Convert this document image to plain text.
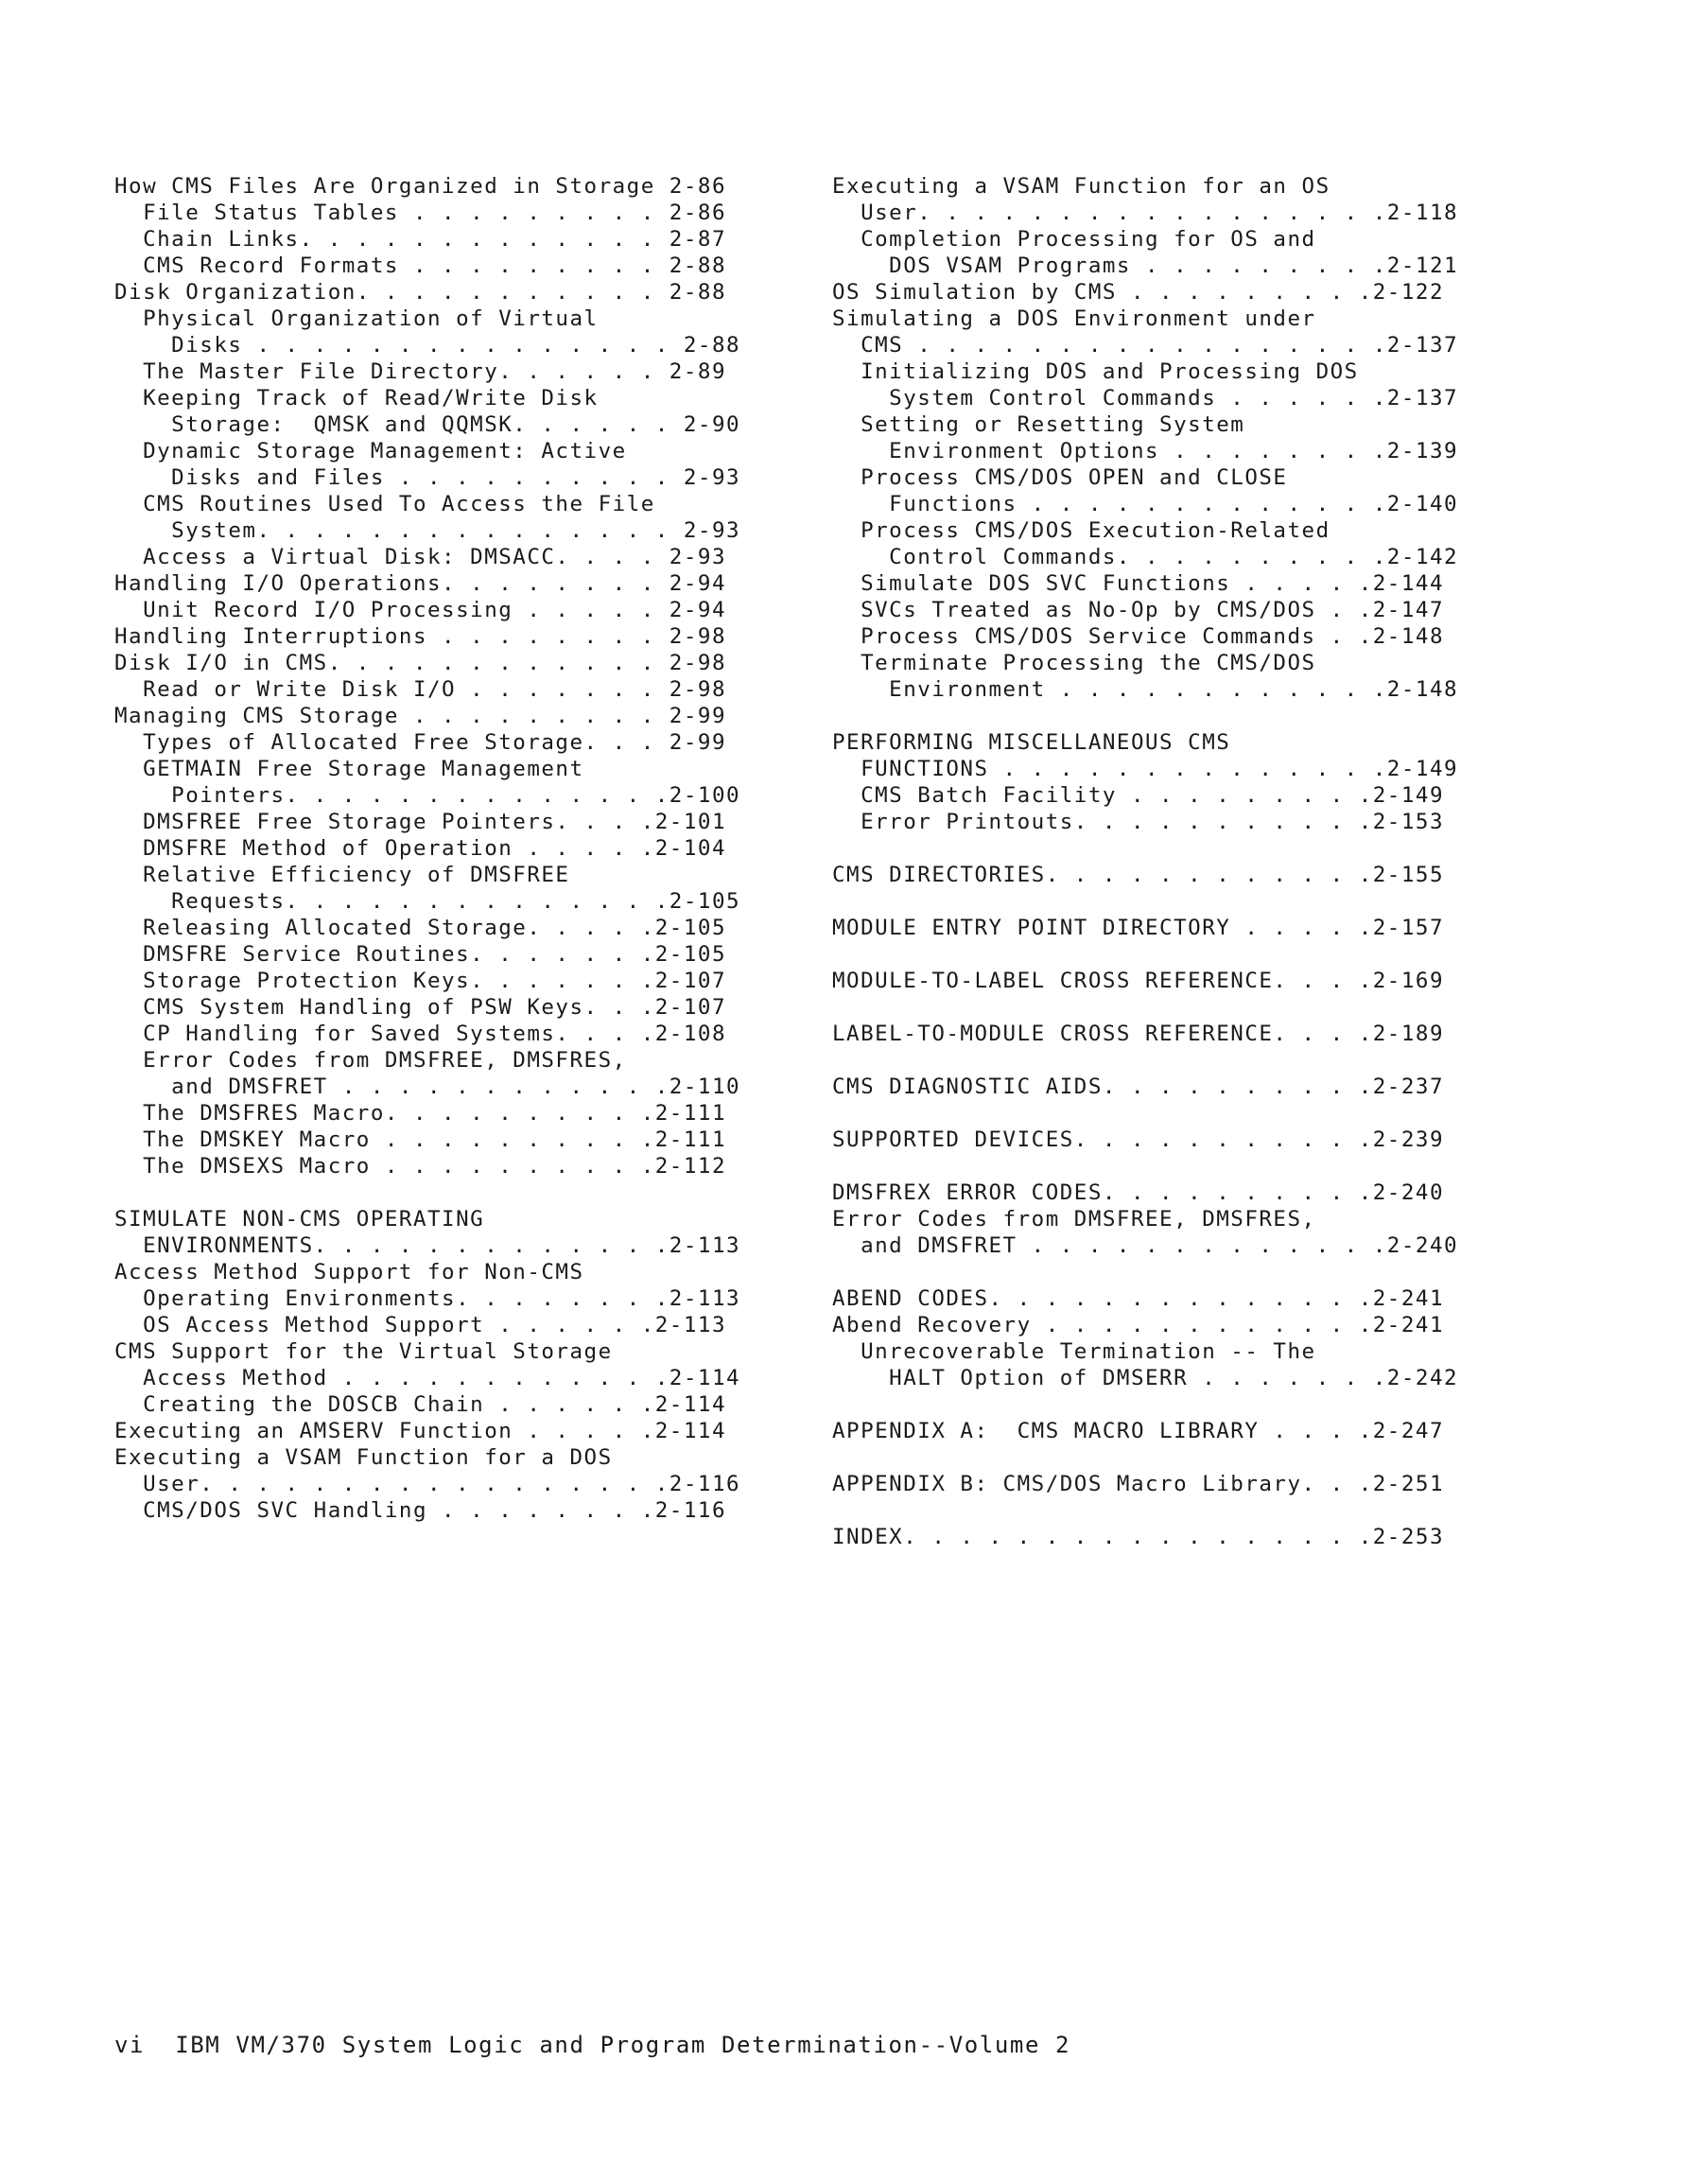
How CMS Files Are Organized in Storage 2-86
File Status Tables . . . . . . . . . 2-86
Chain Links. . . . . . . . . . . . . 2-87
CMS Record Formats . . . . . . . . . 2-88
Disk Organization. . . . . . . . . . . 2-88
Physical Organization of Virtual
Disks . . . . . . . . . . . . . . . 2-88
The Master File Directory. . . . . . 2-89
Keeping Track of Read/Write Disk
Storage:  QMSK and QQMSK. . . . . . 2-90
Dynamic Storage Management: Active
Disks and Files . . . . . . . . . . 2-93
CMS Routines Used To Access the File
System. . . . . . . . . . . . . . . 2-93
Access a Virtual Disk: DMSACC. . . . 2-93
Handling I/O Operations. . . . . . . . 2-94
Unit Record I/O Processing . . . . . 2-94
Handling Interruptions . . . . . . . . 2-98
Disk I/O in CMS. . . . . . . . . . . . 2-98
Read or Write Disk I/O . . . . . . . 2-98
Managing CMS Storage . . . . . . . . . 2-99
Types of Allocated Free Storage. . . 2-99
GETMAIN Free Storage Management
Pointers. . . . . . . . . . . . . .2-100
DMSFREE Free Storage Pointers. . . .2-101
DMSFRE Method of Operation . . . . .2-104
Relative Efficiency of DMSFREE
Requests. . . . . . . . . . . . . .2-105
Releasing Allocated Storage. . . . .2-105
DMSFRE Service Routines. . . . . . .2-105
Storage Protection Keys. . . . . . .2-107
CMS System Handling of PSW Keys. . .2-107
CP Handling for Saved Systems. . . .2-108
Error Codes from DMSFREE, DMSFRES,
and DMSFRET . . . . . . . . . . . .2-110
The DMSFRES Macro. . . . . . . . . .2-111
The DMSKEY Macro . . . . . . . . . .2-111
The DMSEXS Macro . . . . . . . . . .2-112
SIMULATE NON-CMS OPERATING
ENVIRONMENTS. . . . . . . . . . . . .2-113
Access Method Support for Non-CMS
Operating Environments. . . . . . . .2-113
OS Access Method Support . . . . . .2-113
CMS Support for the Virtual Storage
Access Method . . . . . . . . . . . .2-114
Creating the DOSCB Chain . . . . . .2-114
Executing an AMSERV Function . . . . .2-114
Executing a VSAM Function for a DOS
User. . . . . . . . . . . . . . . . .2-116
CMS/DOS SVC Handling . . . . . . . .2-116
Executing a VSAM Function for an OS
User. . . . . . . . . . . . . . . . .2-118
Completion Processing for OS and
DOS VSAM Programs . . . . . . . . .2-121
OS Simulation by CMS . . . . . . . . .2-122
Simulating a DOS Environment under
CMS . . . . . . . . . . . . . . . . .2-137
Initializing DOS and Processing DOS
System Control Commands . . . . . .2-137
Setting or Resetting System
Environment Options . . . . . . . .2-139
Process CMS/DOS OPEN and CLOSE
Functions . . . . . . . . . . . . .2-140
Process CMS/DOS Execution-Related
Control Commands. . . . . . . . . .2-142
Simulate DOS SVC Functions . . . . .2-144
SVCs Treated as No-Op by CMS/DOS . .2-147
Process CMS/DOS Service Commands . .2-148
Terminate Processing the CMS/DOS
Environment . . . . . . . . . . . .2-148
PERFORMING MISCELLANEOUS CMS
FUNCTIONS . . . . . . . . . . . . . .2-149
CMS Batch Facility . . . . . . . . .2-149
Error Printouts. . . . . . . . . . .2-153
CMS DIRECTORIES. . . . . . . . . . . .2-155
MODULE ENTRY POINT DIRECTORY . . . . .2-157
MODULE-TO-LABEL CROSS REFERENCE. . . .2-169
LABEL-TO-MODULE CROSS REFERENCE. . . .2-189
CMS DIAGNOSTIC AIDS. . . . . . . . . .2-237
SUPPORTED DEVICES. . . . . . . . . . .2-239
DMSFREX ERROR CODES. . . . . . . . . .2-240
Error Codes from DMSFREE, DMSFRES,
and DMSFRET . . . . . . . . . . . . .2-240
ABEND CODES. . . . . . . . . . . . . .2-241
Abend Recovery . . . . . . . . . . . .2-241
Unrecoverable Termination -- The
HALT Option of DMSERR . . . . . . .2-242
APPENDIX A:  CMS MACRO LIBRARY . . . .2-247
APPENDIX B: CMS/DOS Macro Library. . .2-251
INDEX. . . . . . . . . . . . . . . . .2-253
vi  IBM VM/370 System Logic and Program Determination--Volume 2
